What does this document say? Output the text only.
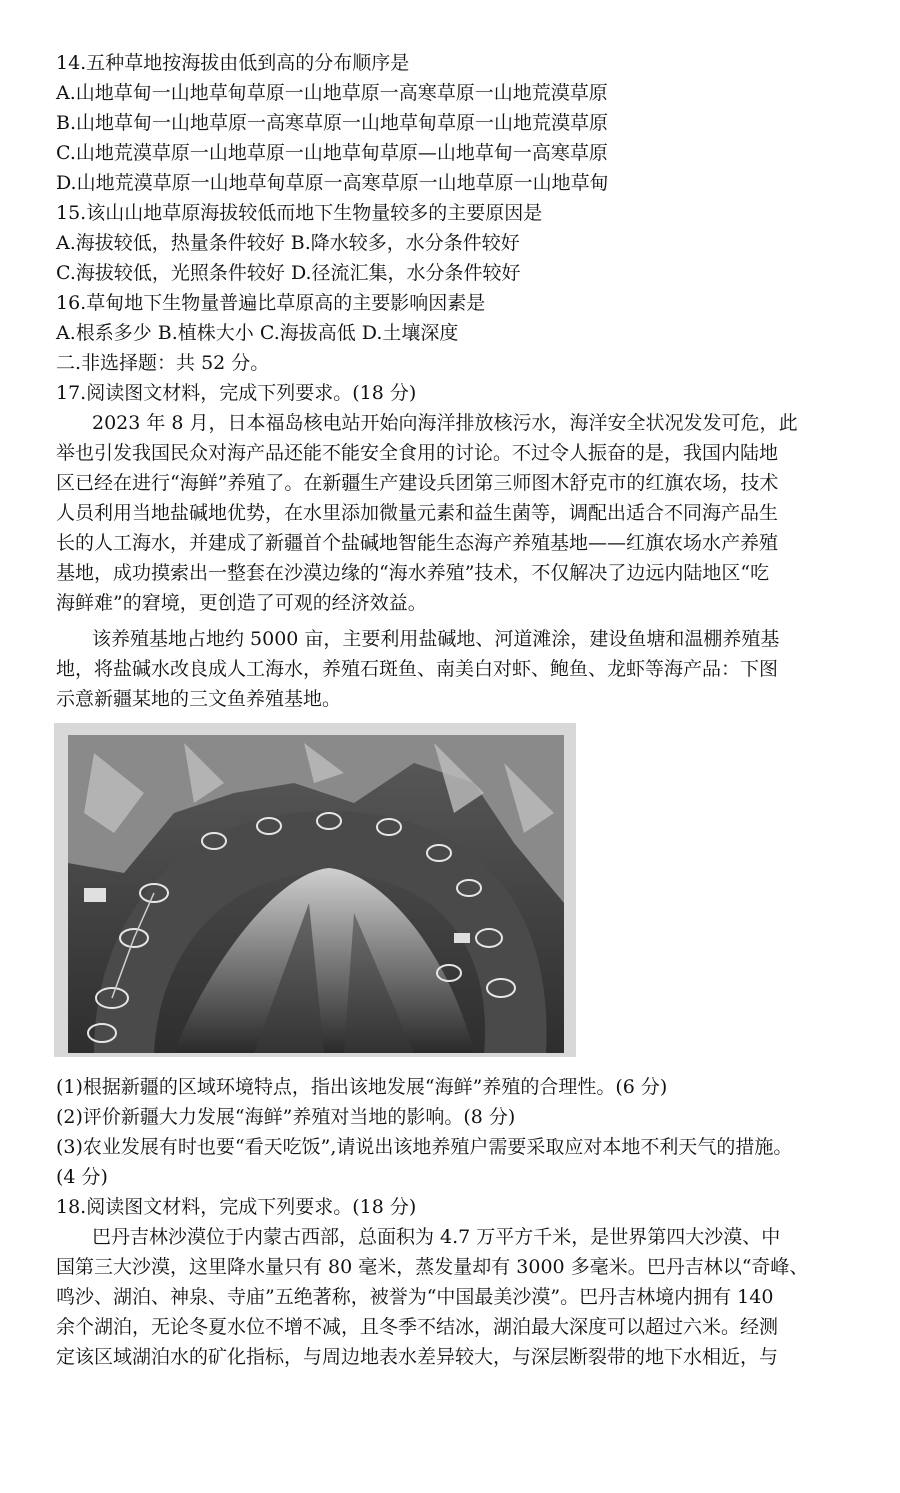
14.五种草地按海拔由低到高的分布顺序是
A.山地草甸一山地草甸草原一山地草原一高寒草原一山地荒漠草原
B.山地草甸一山地草原一高寒草原一山地草甸草原一山地荒漠草原
C.山地荒漠草原一山地草原一山地草甸草原—山地草甸一高寒草原
D.山地荒漠草原一山地草甸草原一高寒草原一山地草原一山地草甸
15.该山山地草原海拔较低而地下生物量较多的主要原因是
A.海拔较低，热量条件较好 B.降水较多，水分条件较好
C.海拔较低，光照条件较好 D.径流汇集，水分条件较好
16.草甸地下生物量普遍比草原高的主要影响因素是
A.根系多少 B.植株大小 C.海拔高低 D.土壤深度
二.非选择题：共 52 分。
17.阅读图文材料，完成下列要求。(18 分)
2023 年 8 月，日本福岛核电站开始向海洋排放核污水，海洋安全状况发发可危，此
举也引发我国民众对海产品还能不能安全食用的讨论。不过令人振奋的是，我国内陆地
区已经在进行“海鲜”养殖了。在新疆生产建设兵团第三师图木舒克市的红旗农场，技术
人员利用当地盐碱地优势，在水里添加微量元素和益生菌等，调配出适合不同海产品生
长的人工海水，并建成了新疆首个盐碱地智能生态海产养殖基地——红旗农场水产养殖
基地，成功摸索出一整套在沙漠边缘的“海水养殖”技术，不仅解决了边远内陆地区“吃
海鲜难”的窘境，更创造了可观的经济效益。
该养殖基地占地约 5000 亩，主要利用盐碱地、河道滩涂，建设鱼塘和温棚养殖基
地，将盐碱水改良成人工海水，养殖石斑鱼、南美白对虾、鲍鱼、龙虾等海产品：下图
示意新疆某地的三文鱼养殖基地。
(1)根据新疆的区域环境特点，指出该地发展“海鲜”养殖的合理性。(6 分)
(2)评价新疆大力发展“海鲜”养殖对当地的影响。(8 分)
(3)农业发展有时也要“看天吃饭”,请说出该地养殖户需要采取应对本地不利天气的措施。
(4 分)
18.阅读图文材料，完成下列要求。(18 分)
巴丹吉林沙漠位于内蒙古西部，总面积为 4.7 万平方千米，是世界第四大沙漠、中
国第三大沙漠，这里降水量只有 80 毫米，蒸发量却有 3000 多毫米。巴丹吉林以“奇峰、
鸣沙、湖泊、神泉、寺庙”五绝著称，被誉为“中国最美沙漠”。巴丹吉林境内拥有 140
余个湖泊，无论冬夏水位不增不减，且冬季不结冰，湖泊最大深度可以超过六米。经测
定该区域湖泊水的矿化指标，与周边地表水差异较大，与深层断裂带的地下水相近，与
